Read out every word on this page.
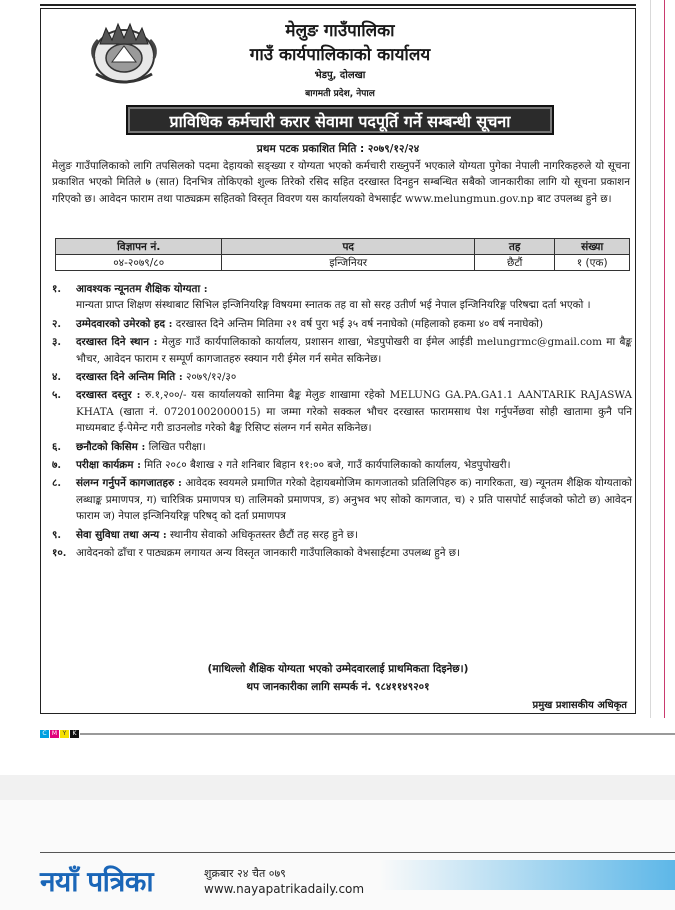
मेलुङ गाउँपालिका
गाउँ कार्यपालिकाको कार्यालय
भेडपु, दोलखा
बागमती प्रदेश, नेपाल
प्राविधिक कर्मचारी करार सेवामा पदपूर्ति गर्ने सम्बन्धी सूचना
प्रथम पटक प्रकाशित मिति : २०७९/१२/२४
मेलुङ गाउँपालिकाको लागि तपसिलको पदमा देहायको सङ्ख्या र योग्यता भएको कर्मचारी राख्नुपर्ने भएकाले योग्यता पुगेका नेपाली नागरिकहरुले यो सूचना प्रकाशित भएको मितिले ७ (सात) दिनभित्र तोकिएको शुल्क तिरेको रसिद सहित दरखास्त दिनहुन सम्बन्धित सबैको जानकारीका लागि यो सूचना प्रकाशन गरिएको छ। आवेदन फाराम तथा पाठ्यक्रम सहितको विस्तृत विवरण यस कार्यालयको वेभसाईट www.melungmun.gov.np बाट उपलब्ध हुने छ।
विज्ञापन नं.	पद	तह	संख्या
०४-२०७९/८०	इन्जिनियर	छैटौं	१ (एक)
१. आवश्यक न्यूनतम शैक्षिक योग्यता :
मान्यता प्राप्त शिक्षण संस्थाबाट सिभिल इन्जिनियरिङ्ग विषयमा स्नातक तह वा सो सरह उतीर्ण भई नेपाल इन्जिनियरिङ्ग परिषद्मा दर्ता भएको ।
२. उम्मेदवारको उमेरको हद : दरखास्त दिने अन्तिम मितिमा २१ वर्ष पुरा भई ३५ वर्ष ननाघेको (महिलाको हकमा ४० वर्ष ननाघेको)
३. दरखास्त दिने स्थान : मेलुङ गाउँ कार्यपालिकाको कार्यालय, प्रशासन शाखा, भेडपुपोखरी वा ईमेल आईडी melungrmc@gmail.com मा बैङ्क भौचर, आवेदन फाराम र सम्पूर्ण कागजातहरु स्क्यान गरी ईमेल गर्न समेत सकिनेछ।
४. दरखास्त दिने अन्तिम मिति : २०७९/१२/३०
५. दरखास्त दस्तुर : रु.१,२००/- यस कार्यालयको सानिमा बैङ्क मेलुङ शाखामा रहेको MELUNG GA.PA.GA1.1 AANTARIK RAJASWA KHATA (खाता नं. 07201002000015) मा जम्मा गरेको सक्कल भौचर दरखास्त फारामसाथ पेश गर्नुपर्नेछवा सोही खातामा कुनै पनि माध्यमबाट ई-पेमेन्ट गरी डाउनलोड गरेको बैङ्क रिसिप्ट संलग्न गर्न समेत सकिनेछ।
६. छनौटको किसिम : लिखित परीक्षा।
७. परीक्षा कार्यक्रम : मिति २०८० बैशाख २ गते शनिबार बिहान ११:०० बजे, गाउँ कार्यपालिकाको कार्यालय, भेडपुपोखरी।
८. संलग्न गर्नुपर्ने कागजातहरु : आवेदक स्वयमले प्रमाणित गरेको देहायबमोजिम कागजातको प्रतिलिपिहरु क) नागरिकता, ख) न्यूनतम शैक्षिक योग्यताको लब्धाङ्क प्रमाणपत्र, ग) चारित्रिक प्रमाणपत्र घ) तालिमको प्रमाणपत्र, ङ) अनुभव भए सोको कागजात, च) २ प्रति पासपोर्ट साईजको फोटो छ) आवेदन फाराम ज) नेपाल इन्जिनियरिङ्ग परिषद् को दर्ता प्रमाणपत्र
९. सेवा सुविधा तथा अन्य : स्थानीय सेवाको अधिकृतस्तर छैटौं तह सरह हुने छ।
१०. आवेदनको ढाँचा र पाठ्यक्रम लगायत अन्य विस्तृत जानकारी गाउँपालिकाको वेभसाईटमा उपलब्ध हुने छ।
(माथिल्लो शैक्षिक योग्यता भएको उम्मेदवारलाई प्राथमिकता दिइनेछ।)
थप जानकारीका लागि सम्पर्क नं. ९८४११४९२०१
प्रमुख प्रशासकीय अधिकृत
C M Y	K
नयाँ पत्रिका	शुक्रबार २४ चैत ०७९
www.nayapatrikadaily.com
